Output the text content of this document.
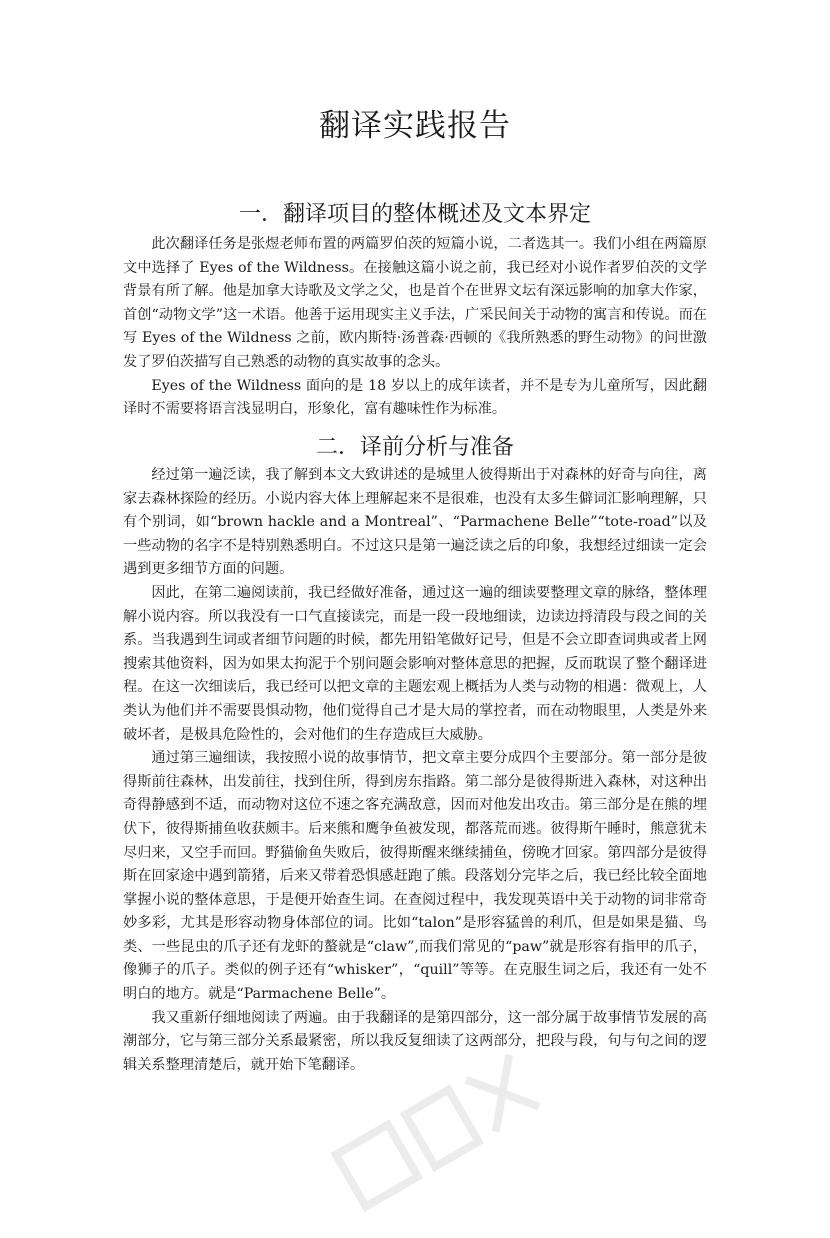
翻译实践报告
一．翻译项目的整体概述及文本界定

此次翻译任务是张煜老师布置的两篇罗伯茨的短篇小说，二者选其一。我们小组在两篇原文中选择了 Eyes of the Wildness。在接触这篇小说之前，我已经对小说作者罗伯茨的文学背景有所了解。他是加拿大诗歌及文学之父，也是首个在世界文坛有深远影响的加拿大作家，首创“动物文学”这一术语。他善于运用现实主义手法，广采民间关于动物的寓言和传说。而在写 Eyes of the Wildness 之前，欧内斯特·汤普森·西顿的《我所熟悉的野生动物》的问世激发了罗伯茨描写自己熟悉的动物的真实故事的念头。

Eyes of the Wildness 面向的是 18 岁以上的成年读者，并不是专为儿童所写，因此翻译时不需要将语言浅显明白，形象化，富有趣味性作为标准。

二．译前分析与准备

经过第一遍泛读，我了解到本文大致讲述的是城里人彼得斯出于对森林的好奇与向往，离家去森林探险的经历。小说内容大体上理解起来不是很难，也没有太多生僻词汇影响理解，只有个别词，如“brown hackle and a Montreal”、“Parmachene Belle”“tote-road”以及一些动物的名字不是特别熟悉明白。不过这只是第一遍泛读之后的印象，我想经过细读一定会遇到更多细节方面的问题。

因此，在第二遍阅读前，我已经做好准备，通过这一遍的细读要整理文章的脉络，整体理解小说内容。所以我没有一口气直接读完，而是一段一段地细读，边读边捋清段与段之间的关系。当我遇到生词或者细节问题的时候，都先用铅笔做好记号，但是不会立即查词典或者上网搜索其他资料，因为如果太拘泥于个别问题会影响对整体意思的把握，反而耽误了整个翻译进程。在这一次细读后，我已经可以把文章的主题宏观上概括为人类与动物的相遇：微观上，人类认为他们并不需要畏惧动物，他们觉得自己才是大局的掌控者，而在动物眼里，人类是外来破坏者，是极具危险性的，会对他们的生存造成巨大威胁。

通过第三遍细读，我按照小说的故事情节，把文章主要分成四个主要部分。第一部分是彼得斯前往森林，出发前往，找到住所，得到房东指路。第二部分是彼得斯进入森林，对这种出奇得静感到不适，而动物对这位不速之客充满敌意，因而对他发出攻击。第三部分是在熊的埋伏下，彼得斯捕鱼收获颇丰。后来熊和鹰争鱼被发现，都落荒而逃。彼得斯午睡时，熊意犹未尽归来，又空手而回。野猫偷鱼失败后，彼得斯醒来继续捕鱼，傍晚才回家。第四部分是彼得斯在回家途中遇到箭猪，后来又带着恐惧感赶跑了熊。段落划分完毕之后，我已经比较全面地掌握小说的整体意思，于是便开始查生词。在查阅过程中，我发现英语中关于动物的词非常奇妙多彩，尤其是形容动物身体部位的词。比如“talon”是形容猛兽的利爪，但是如果是猫、鸟类、一些昆虫的爪子还有龙虾的螯就是“claw”,而我们常见的“paw”就是形容有指甲的爪子，像狮子的爪子。类似的例子还有“whisker”，“quill”等等。在克服生词之后，我还有一处不明白的地方。就是“Parmachene Belle”。

我又重新仔细地阅读了两遍。由于我翻译的是第四部分，这一部分属于故事情节发展的高潮部分，它与第三部分关系最紧密，所以我反复细读了这两部分，把段与段，句与句之间的逻辑关系整理清楚后，就开始下笔翻译。
